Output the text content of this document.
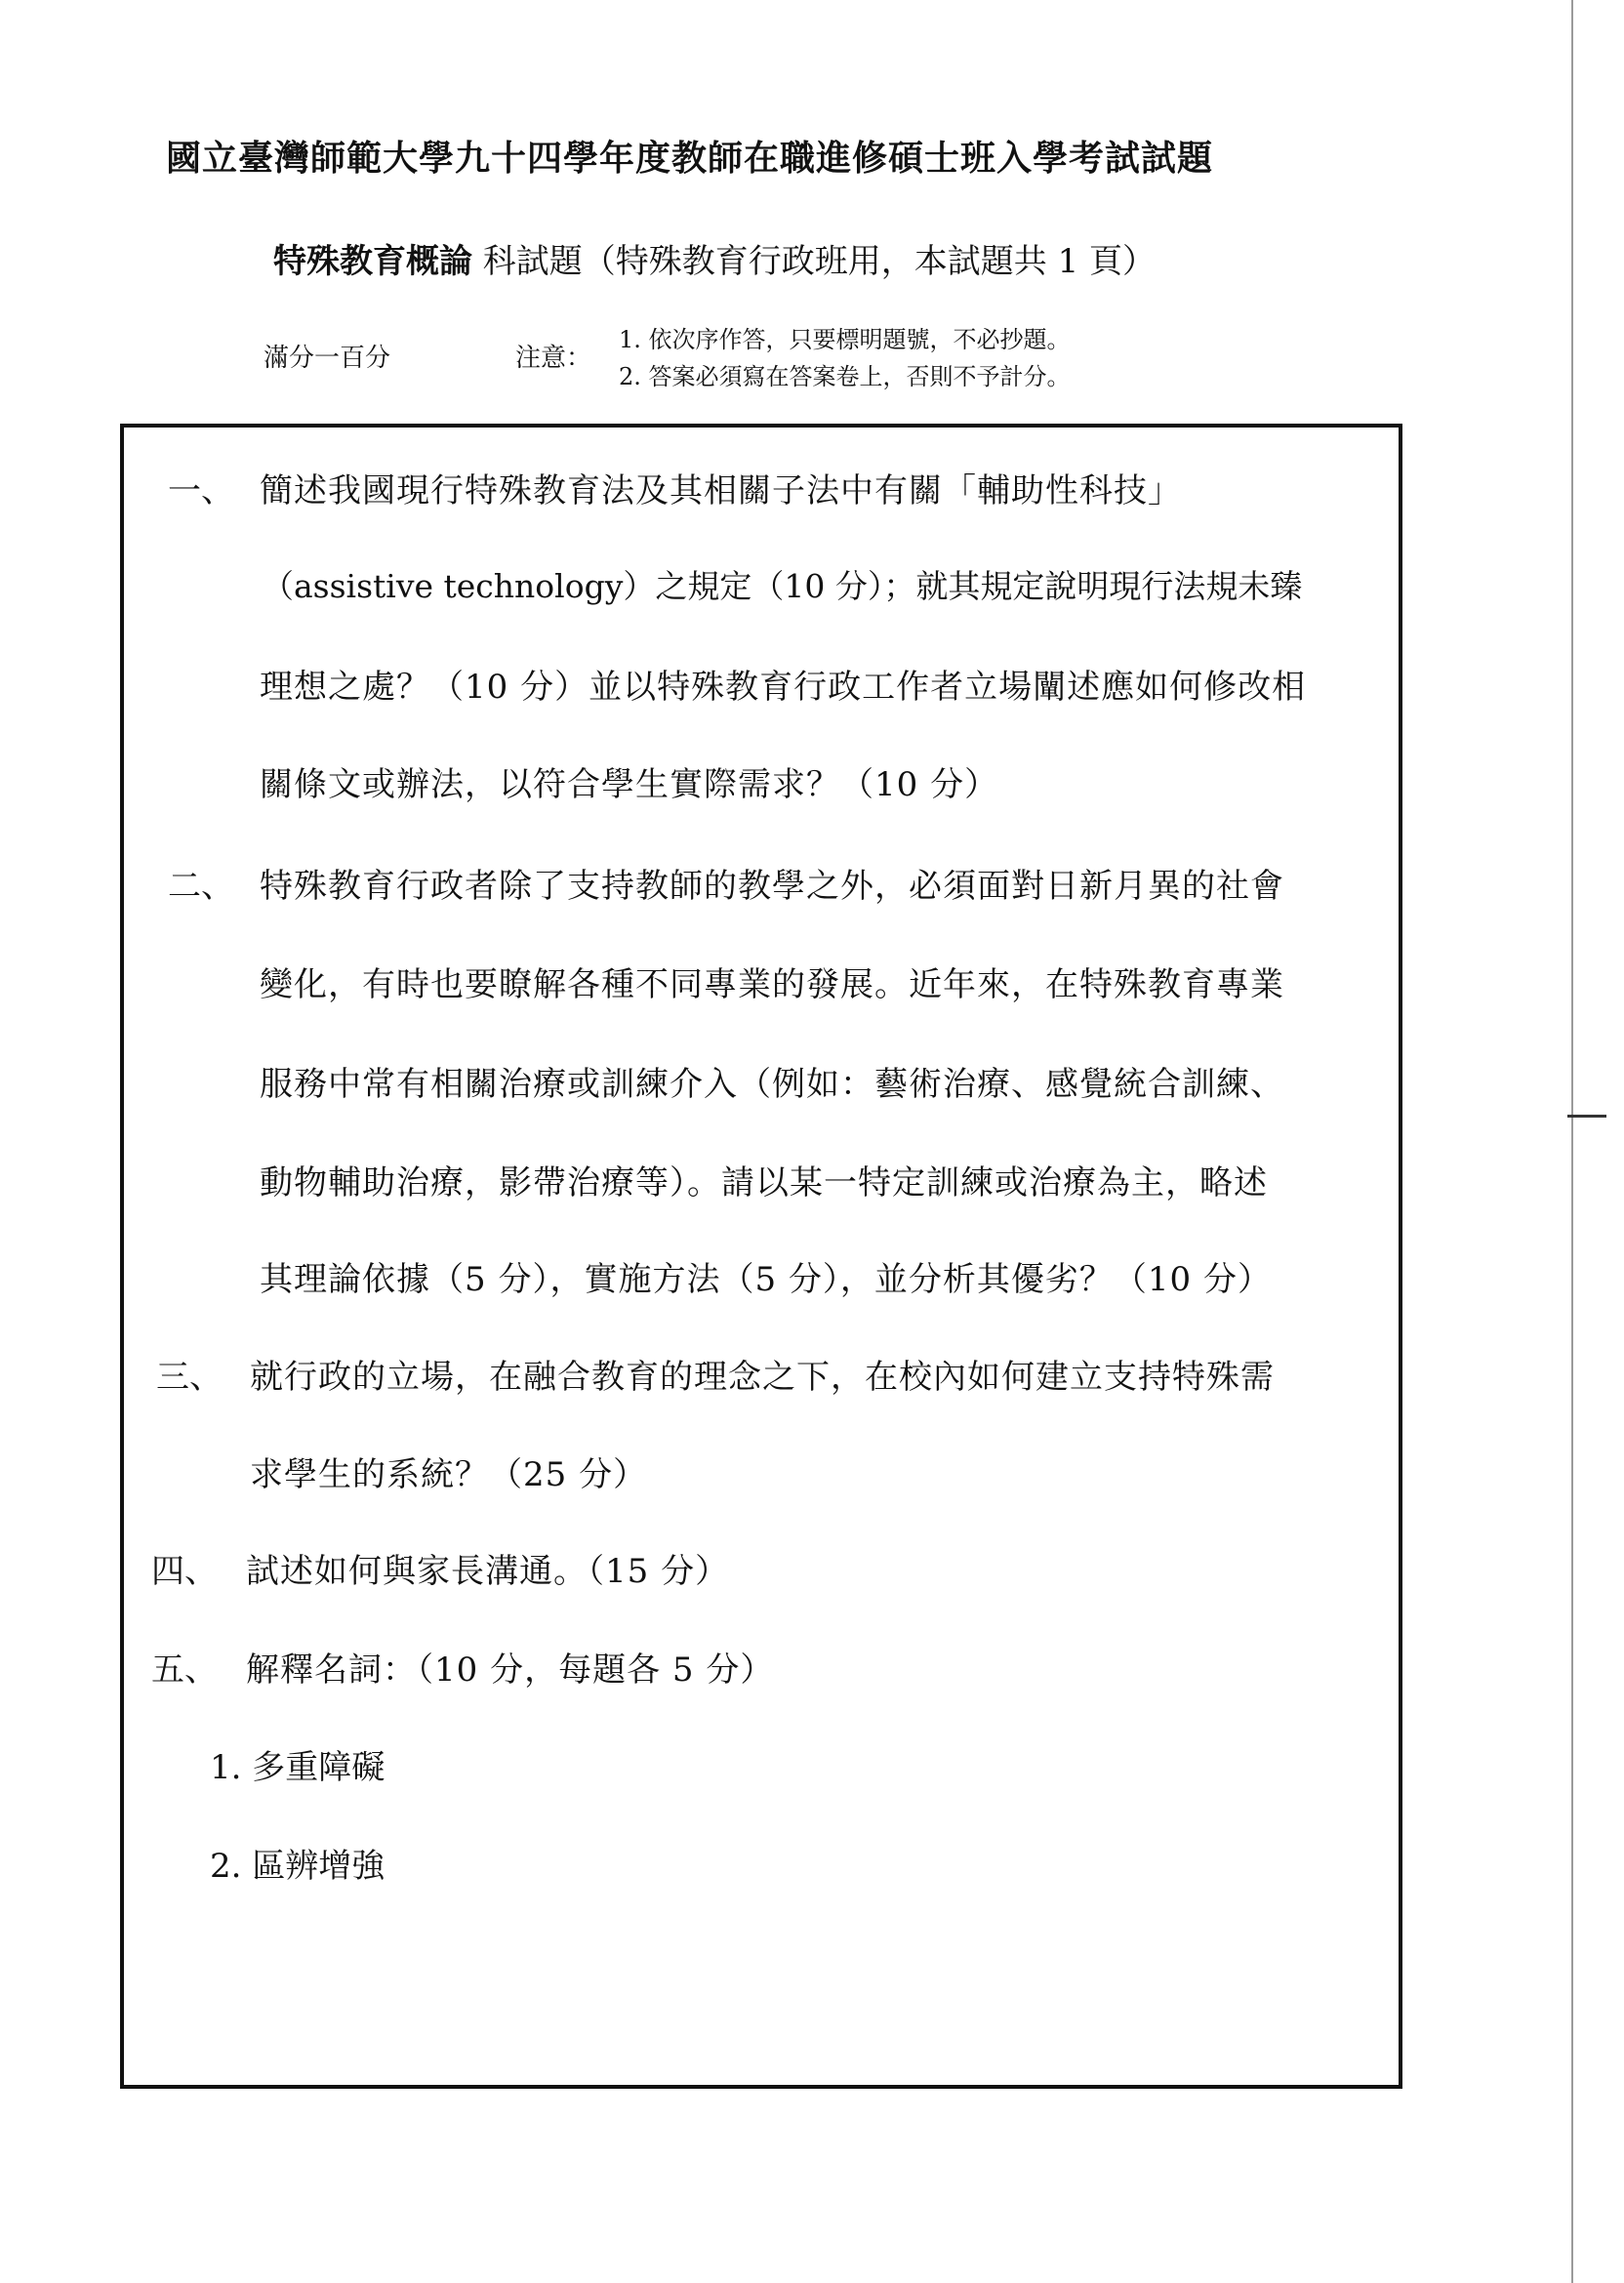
國立臺灣師範大學九十四學年度教師在職進修碩士班入學考試試題
特殊教育概論 科試題（特殊教育行政班用，本試題共 1 頁）
滿分一百分	注意：
1. 依次序作答，只要標明題號，不必抄題。
2. 答案必須寫在答案卷上，否則不予計分。
一、 簡述我國現行特殊教育法及其相關子法中有關「輔助性科技」
（assistive technology）之規定（10 分）；就其規定說明現行法規未臻
理想之處？（10 分）並以特殊教育行政工作者立場闡述應如何修改相
關條文或辦法，以符合學生實際需求？（10 分）
二、 特殊教育行政者除了支持教師的教學之外，必須面對日新月異的社會
變化，有時也要瞭解各種不同專業的發展。近年來，在特殊教育專業
服務中常有相關治療或訓練介入（例如：藝術治療、感覺統合訓練、
動物輔助治療，影帶治療等）。請以某一特定訓練或治療為主，略述
其理論依據（5 分），實施方法（5 分），並分析其優劣？（10 分）
三、 就行政的立場，在融合教育的理念之下，在校內如何建立支持特殊需
求學生的系統？（25 分）
四、 試述如何與家長溝通。（15 分）
五、 解釋名詞：（10 分，每題各 5 分）
1. 多重障礙
2. 區辨增強
